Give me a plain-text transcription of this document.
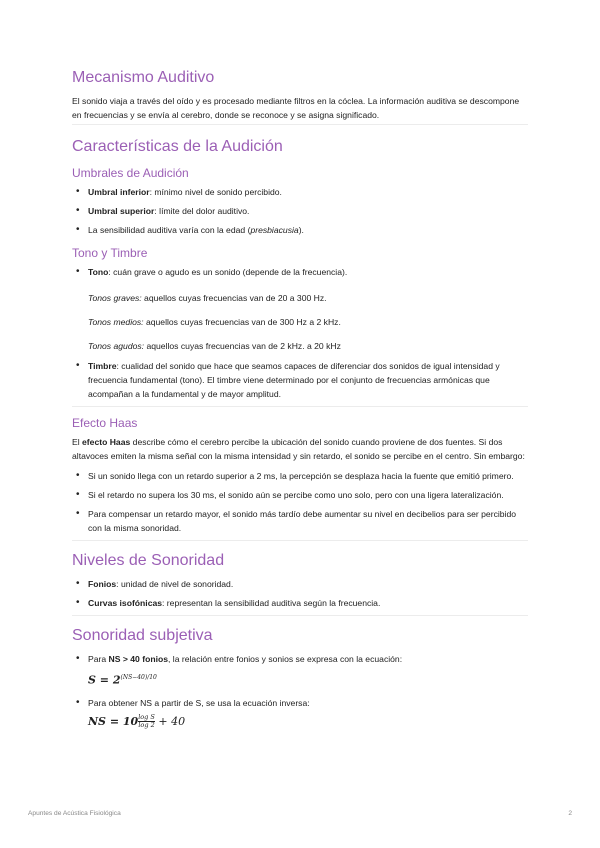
Mecanismo Auditivo

El sonido viaja a través del oído y es procesado mediante filtros en la cóclea. La información auditiva se descompone en frecuencias y se envía al cerebro, donde se reconoce y se asigna significado.

Características de la Audición
Umbrales de Audición
• Umbral inferior: mínimo nivel de sonido percibido.
• Umbral superior: límite del dolor auditivo.
• La sensibilidad auditiva varía con la edad (presbiacusia).
Tono y Timbre
• Tono: cuán grave o agudo es un sonido (depende de la frecuencia).
Tonos graves: aquellos cuyas frecuencias van de 20 a 300 Hz.
Tonos medios: aquellos cuyas frecuencias van de 300 Hz a 2 kHz.
Tonos agudos: aquellos cuyas frecuencias van de 2 kHz. a 20 kHz
• Timbre: cualidad del sonido que hace que seamos capaces de diferenciar dos sonidos de igual intensidad y frecuencia fundamental (tono). El timbre viene determinado por el conjunto de frecuencias armónicas que acompañan a la fundamental y de mayor amplitud.
Efecto Haas

El efecto Haas describe cómo el cerebro percibe la ubicación del sonido cuando proviene de dos fuentes. Si dos altavoces emiten la misma señal con la misma intensidad y sin retardo, el sonido se percibe en el centro. Sin embargo:

• Si un sonido llega con un retardo superior a 2 ms, la percepción se desplaza hacia la fuente que emitió primero.
• Si el retardo no supera los 30 ms, el sonido aún se percibe como uno solo, pero con una ligera lateralización.
• Para compensar un retardo mayor, el sonido más tardío debe aumentar su nivel en decibelios para ser percibido con la misma sonoridad.
Niveles de Sonoridad
• Fonios: unidad de nivel de sonoridad.
• Curvas isofónicas: representan la sensibilidad auditiva según la frecuencia.
Sonoridad subjetiva
• Para NS > 40 fonios, la relación entre fonios y sonios se expresa con la ecuación:
$S = 2^{(NS-40)/10}$
• Para obtener NS a partir de S, se usa la ecuación inversa:
NS = $10 \frac{\text{log S}}{\log 2} + 40$
Apuntes de Acústica Fisiológica	2
